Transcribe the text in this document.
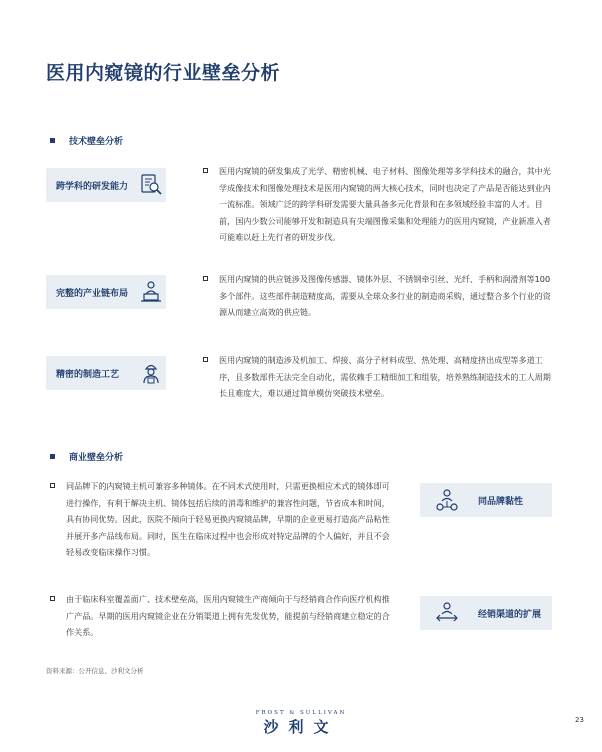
医用内窥镜的行业壁垒分析
技术壁垒分析
跨学科的研发能力
医用内窥镜的研发集成了光学、精密机械、电子材料、图像处理等多学科技术的融合，其中光学成像技术和图像处理技术是医用内窥镜的两大核心技术，同时也决定了产品是否能达到业内一流标准。领域广泛的跨学科研发需要大量具备多元化背景和在多领域经验丰富的人才。目前，国内少数公司能够开发和制造具有尖端图像采集和处理能力的医用内窥镜，产业新准入者可能难以赶上先行者的研发步伐。
完整的产业链布局
医用内窥镜的供应链涉及图像传感器、镜体外层、不锈钢牵引丝、光纤、手柄和润滑剂等100 多个部件。这些部件制造精度高，需要从全球众多行业的制造商采购，通过整合多个行业的资源从而建立高效的供应链。
精密的制造工艺
医用内窥镜的制造涉及机加工、焊接、高分子材料成型、热处理、高精度挤出成型等多道工序，且多数部件无法完全自动化，需依赖手工精细加工和组装，培养熟练制造技术的工人周期长且难度大，难以通过简单模仿突破技术壁垒。
商业壁垒分析
同品牌下的内窥镜主机可兼容多种镜体。在不同术式使用时，只需更换相应术式的镜体即可进行操作，有利于解决主机、镜体包括后续的消毒和维护的兼容性问题，节省成本和时间，具有协同优势。因此，医院不倾向于轻易更换内窥镜品牌，早期的企业更易打造高产品粘性并展开多产品线布局。同时，医生在临床过程中也会形成对特定品牌的个人偏好，并且不会轻易改变临床操作习惯。
同品牌黏性
由于临床科室覆盖面广、技术壁垒高，医用内窥镜生产商倾向于与经销商合作向医疗机构推广产品。早期的医用内窥镜企业在分销渠道上拥有先发优势，能提前与经销商建立稳定的合作关系。
经销渠道的扩展
资料来源：公开信息、沙利文分析
FROST & SULLIVAN
沙利文	23
